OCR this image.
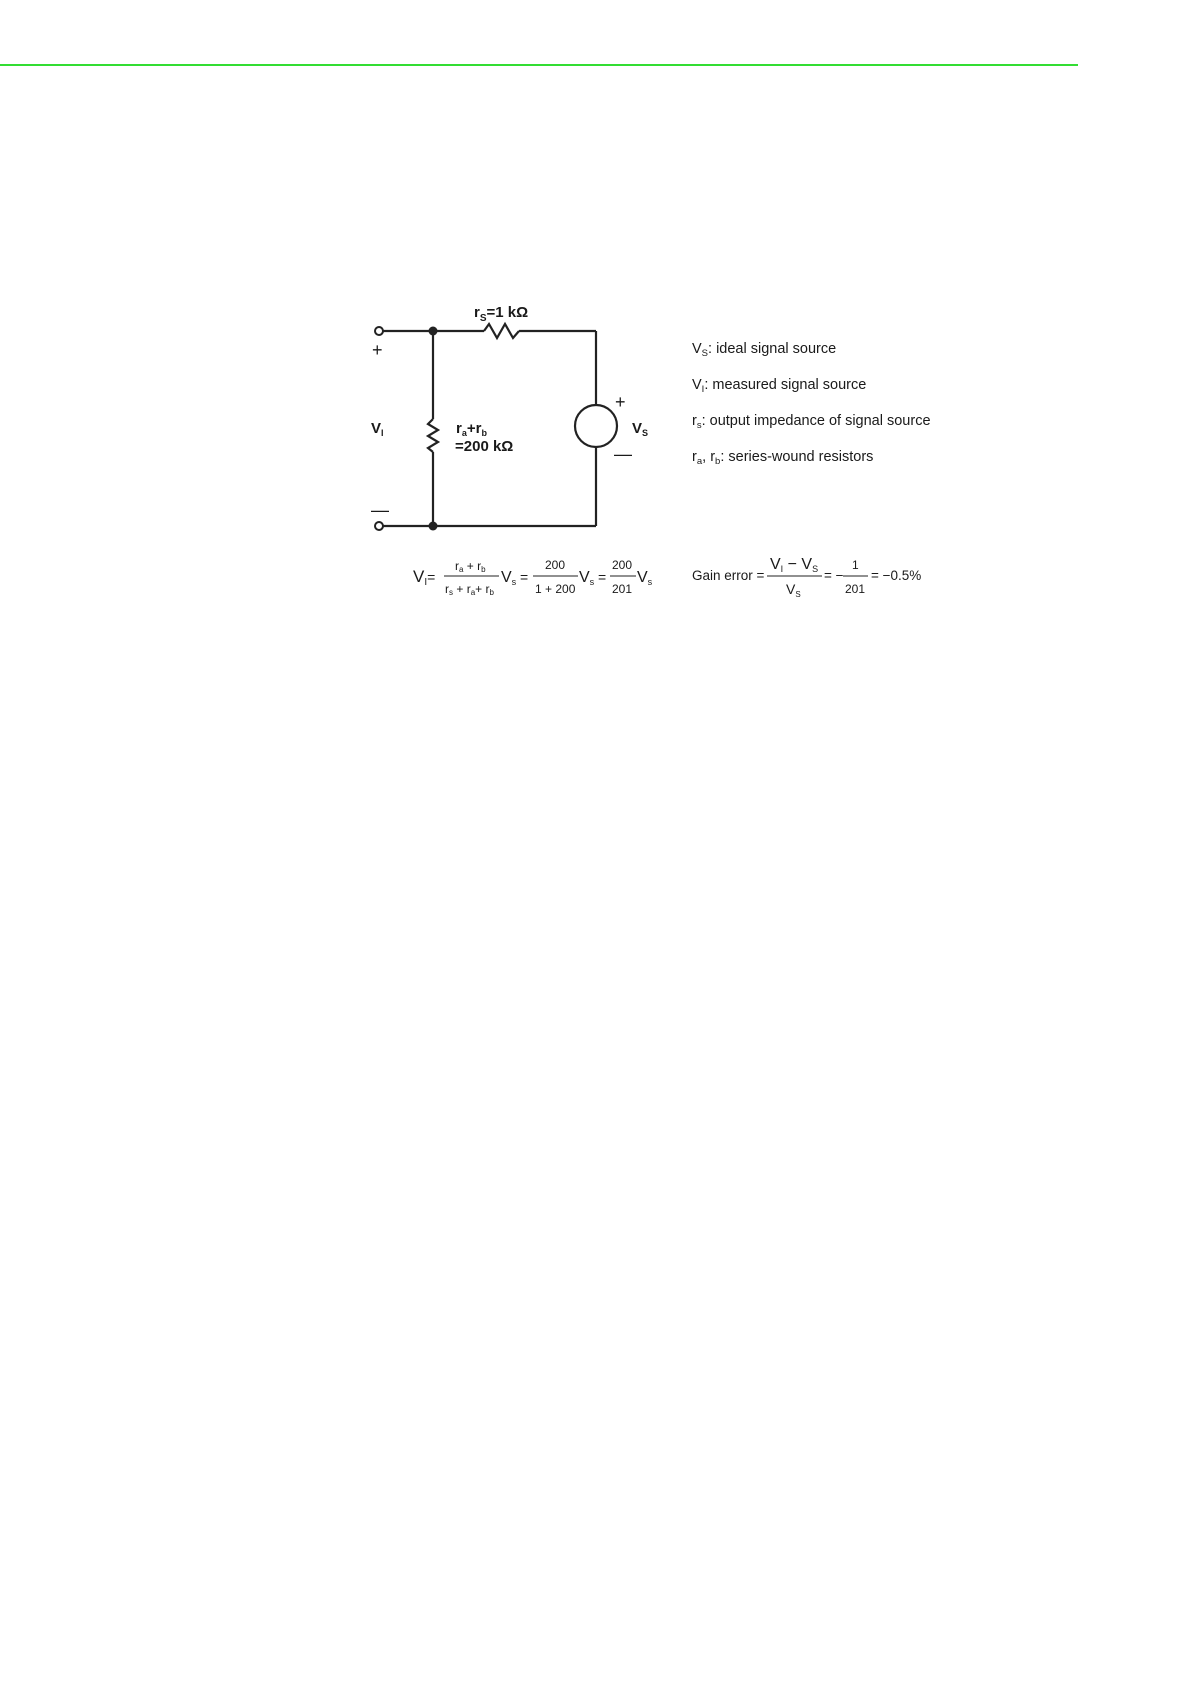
$r_S=1$ kΩ
+
—
$V_I$	$r_a+r_b$
=200 kΩ
+
—
$V_S$
$V_S$: ideal signal source
$V_I$: measured signal source
$r_s$: output impedance of signal source
$r_a$, $r_b$: series-wound resistors
VI=
ra + rb
rs + ra+ rb
Vs =
200
1 + 200
Vs =
200
201
Vs	Gain error =
VI − VS
$V_S$
= −
1
201
= −0.5%
